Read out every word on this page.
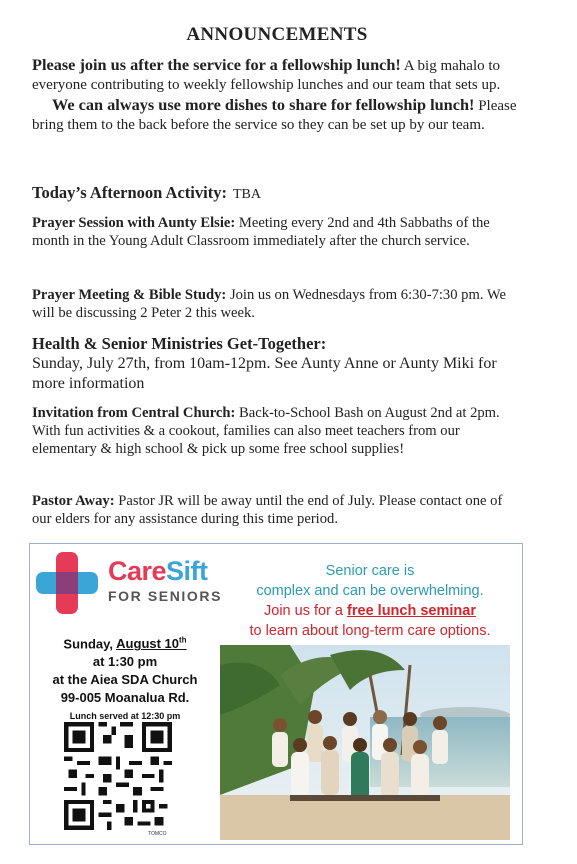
ANNOUNCEMENTS
Please join us after the service for a fellowship lunch! A big mahalo to everyone contributing to weekly fellowship lunches and our team that sets up.
We can always use more dishes to share for fellowship lunch! Please bring them to the back before the service so they can be set up by our team.
Today’s Afternoon Activity: TBA
Prayer Session with Aunty Elsie: Meeting every 2nd and 4th Sabbaths of the month in the Young Adult Classroom immediately after the church service.
Prayer Meeting & Bible Study: Join us on Wednesdays from 6:30-7:30 pm. We will be discussing 2 Peter 2 this week.
Health & Senior Ministries Get-Together:
Sunday, July 27th, from 10am-12pm. See Aunty Anne or Aunty Miki for more information
Invitation from Central Church: Back-to-School Bash on August 2nd at 2pm. With fun activities & a cookout, families can also meet teachers from our elementary & high school & pick up some free school supplies!
Pastor Away: Pastor JR will be away until the end of July. Please contact one of our elders for any assistance during this time period.
CareSift
FOR SENIORS
Sunday, August 10th
at 1:30 pm
at the Aiea SDA Church
99-005 Moanalua Rd.
Lunch served at 12:30 pm
TOMCO
Senior care is
complex and can be overwhelming.
Join us for a free lunch seminar
to learn about long-term care options.
